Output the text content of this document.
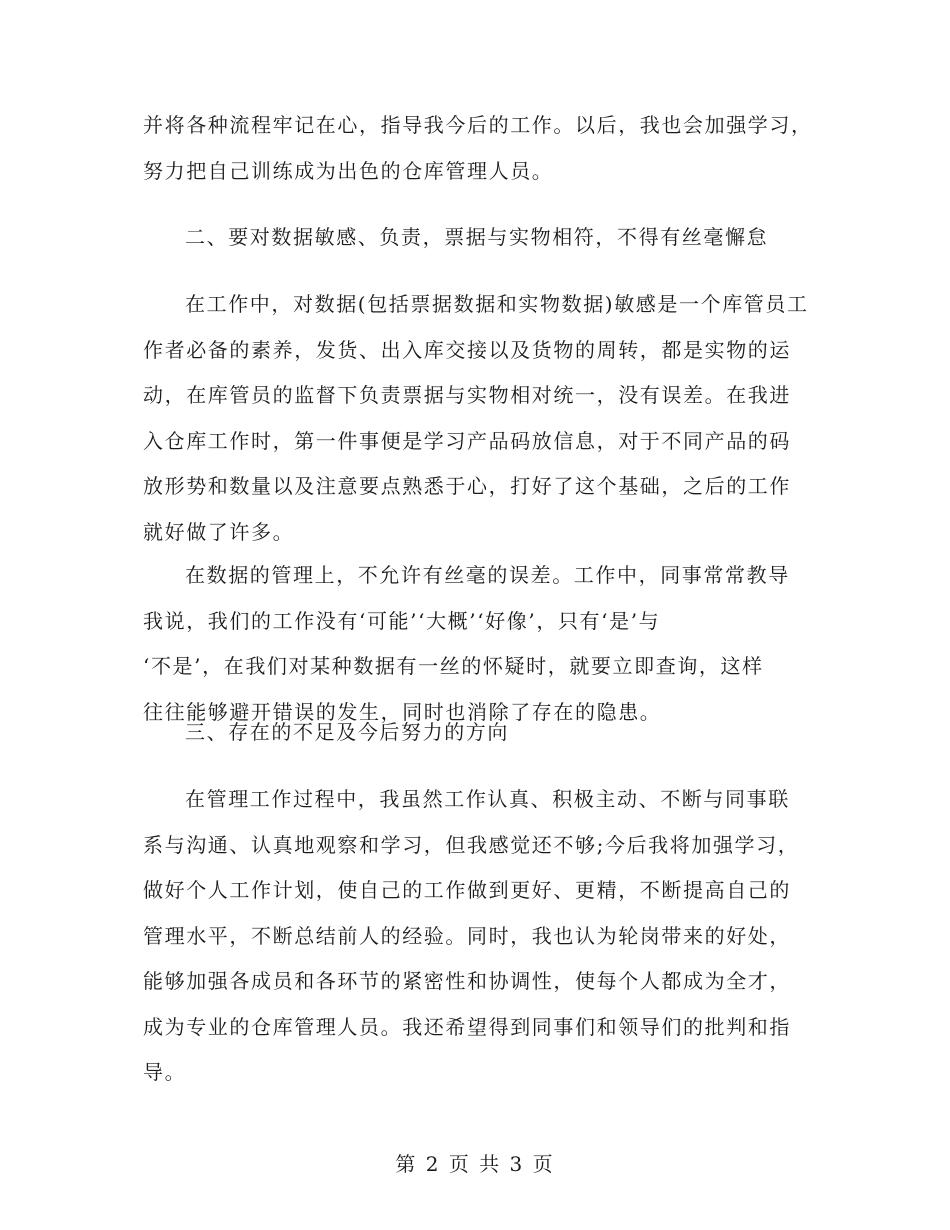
并将各种流程牢记在心，指导我今后的工作。以后，我也会加强学习，
努力把自己训练成为出色的仓库管理人员。
二、要对数据敏感、负责，票据与实物相符，不得有丝毫懈怠
在工作中，对数据(包括票据数据和实物数据)敏感是一个库管员工
作者必备的素养，发货、出入库交接以及货物的周转，都是实物的运
动，在库管员的监督下负责票据与实物相对统一，没有误差。在我进
入仓库工作时，第一件事便是学习产品码放信息，对于不同产品的码
放形势和数量以及注意要点熟悉于心，打好了这个基础，之后的工作
就好做了许多。
在数据的管理上，不允许有丝毫的误差。工作中，同事常常教导
我说，我们的工作没有‘可能’‘大概’‘好像’，只有‘是’与
‘不是’，在我们对某种数据有一丝的怀疑时，就要立即查询，这样
往往能够避开错误的发生，同时也消除了存在的隐患。
三、存在的不足及今后努力的方向
在管理工作过程中，我虽然工作认真、积极主动、不断与同事联
系与沟通、认真地观察和学习，但我感觉还不够;今后我将加强学习，
做好个人工作计划，使自己的工作做到更好、更精，不断提高自己的
管理水平，不断总结前人的经验。同时，我也认为轮岗带来的好处，
能够加强各成员和各环节的紧密性和协调性，使每个人都成为全才，
成为专业的仓库管理人员。我还希望得到同事们和领导们的批判和指
导。
第 2 页 共 3 页
